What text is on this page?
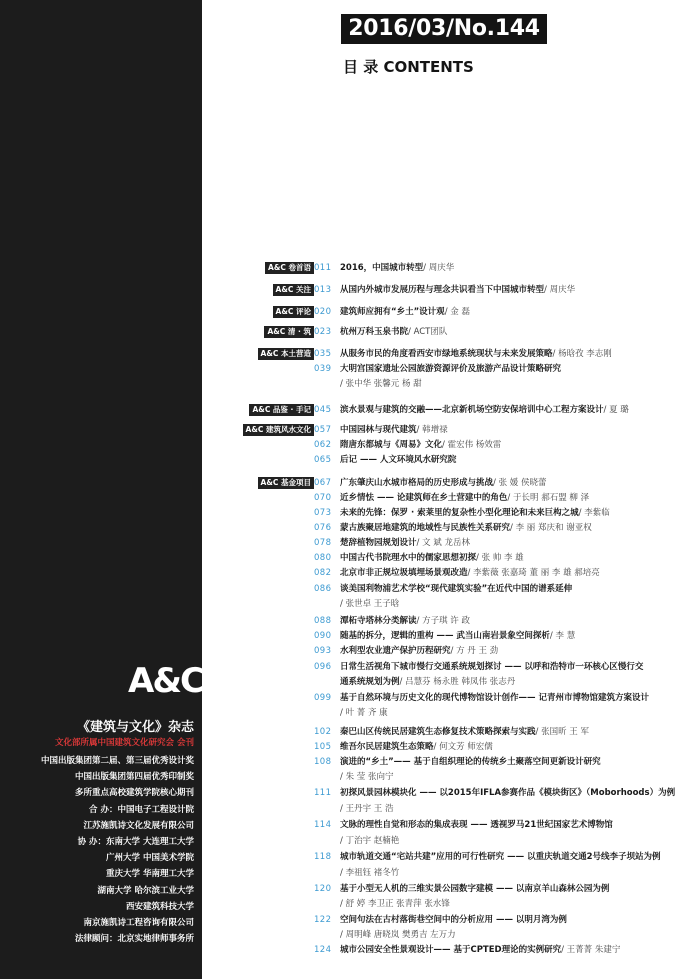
A&C
《建筑与文化》杂志
文化部所属中国建筑文化研究会 会刊
中国出版集团第二届、第三届优秀设计奖
中国出版集团第四届优秀印制奖
多所重点高校建筑学院核心期刊
合 办：中国电子工程设计院
江苏施凯诗文化发展有限公司
协 办：东南大学 大连理工大学
广州大学 中国美术学院
重庆大学 华南理工大学
湖南大学 哈尔滨工业大学
西安建筑科技大学
南京施凯诗工程咨询有限公司
法律顾问：北京实地律师事务所
2016/03/No.144
目 录 CONTENTS
A&C 卷首语 011 2016，中国城市转型/ 周庆华
A&C 关注 013 从国内外城市发展历程与理念共识看当下中国城市转型/ 周庆华
A&C 评论 020 建筑师应拥有“乡土”设计观/ 金 磊
A&C 清 · 筑 023 杭州万科玉泉书院/ ACT团队
A&C 本土营造 035 从服务市民的角度看西安市绿地系统现状与未来发展策略/ 杨晗孜 李志刚
039 大明宫国家遗址公园旅游资源评价及旅游产品设计策略研究
/ 张中华 张馨元 杨 甜
A&C 品鉴 · 手记 045 滨水景观与建筑的交融——北京新机场空防安保培训中心工程方案设计/ 夏 璐
A&C 建筑风水文化 057 中国园林与现代建筑/ 韩增禄
062 隋唐东都城与《周易》文化/ 霍宏伟 杨效雷
065 后记 —— 人文环境风水研究院
A&C 基金项目 067 广东肇庆山水城市格局的历史形成与挑战/ 张 媛 侯晓蕾
070 近乡情怯 —— 论建筑师在乡土营建中的角色/ 于长明 郝石盟 柳 泽
073 未来的先锋：保罗 · 索莱里的复杂性小型化理论和未来巨构之城/ 李紫临
076 蒙古族聚居地建筑的地域性与民族性关系研究/ 李 丽 郑庆和 谢亚权
078 楚辞植物园规划设计/ 文 斌 龙岳林
080 中国古代书院理水中的儒家思想初探/ 张 帅 李 雄
082 北京市非正规垃圾填埋场景观改造/ 李紫薇 张嘉琦 董 丽 李 雄 郝培亮
086 谈美国利物浦艺术学校“现代建筑实验”在近代中国的谱系延伸
/ 张世卓 王子晗
088 潭柘寺塔林分类解读/ 方子琪 许 政
090 随基的拆分，逻辑的重构 —— 武当山南岩景象空间探析/ 李 慧
093 水利型农业遗产保护历程研究/ 方 丹 王 劲
096 日常生活视角下城市慢行交通系统规划探讨 —— 以呼和浩特市一环核心区慢行交
通系统规划为例/ 吕慧芬 杨永胜 韩凤伟 张志丹
099 基于自然环境与历史文化的现代博物馆设计创作—— 记青州市博物馆建筑方案设计
/ 叶 菁 齐 康
102 秦巴山区传统民居建筑生态修复技术策略探索与实践/ 张国昕 王 军
105 维吾尔民居建筑生态策略/ 何文芳 师宏儒
108 演进的“乡土”—— 基于自组织理论的传统乡土聚落空间更新设计研究
/ 朱 莹 张向宁
111 初探风景园林模块化 —— 以2015年IFLA参赛作品《模块街区》（Moborhoods）为例
/ 王丹宇 王 浩
114 文脉的理性自觉和形态的集成表现 —— 透视罗马21世纪国家艺术博物馆
/ 丁治宇 赵楠艳
118 城市轨道交通“宅站共建”应用的可行性研究 —— 以重庆轨道交通2号线李子坝站为例
/ 李祖钰 褚冬竹
120 基于小型无人机的三维实景公园数字建模 —— 以南京羊山森林公园为例
/ 舒 婷 李卫正 张青萍 张水锋
122 空间句法在古村落街巷空间中的分析应用 —— 以明月湾为例
/ 周明峰 唐晓岚 樊勇吉 左万力
124 城市公园安全性景观设计—— 基于CPTED理论的实例研究/ 王菁菁 朱建宁
